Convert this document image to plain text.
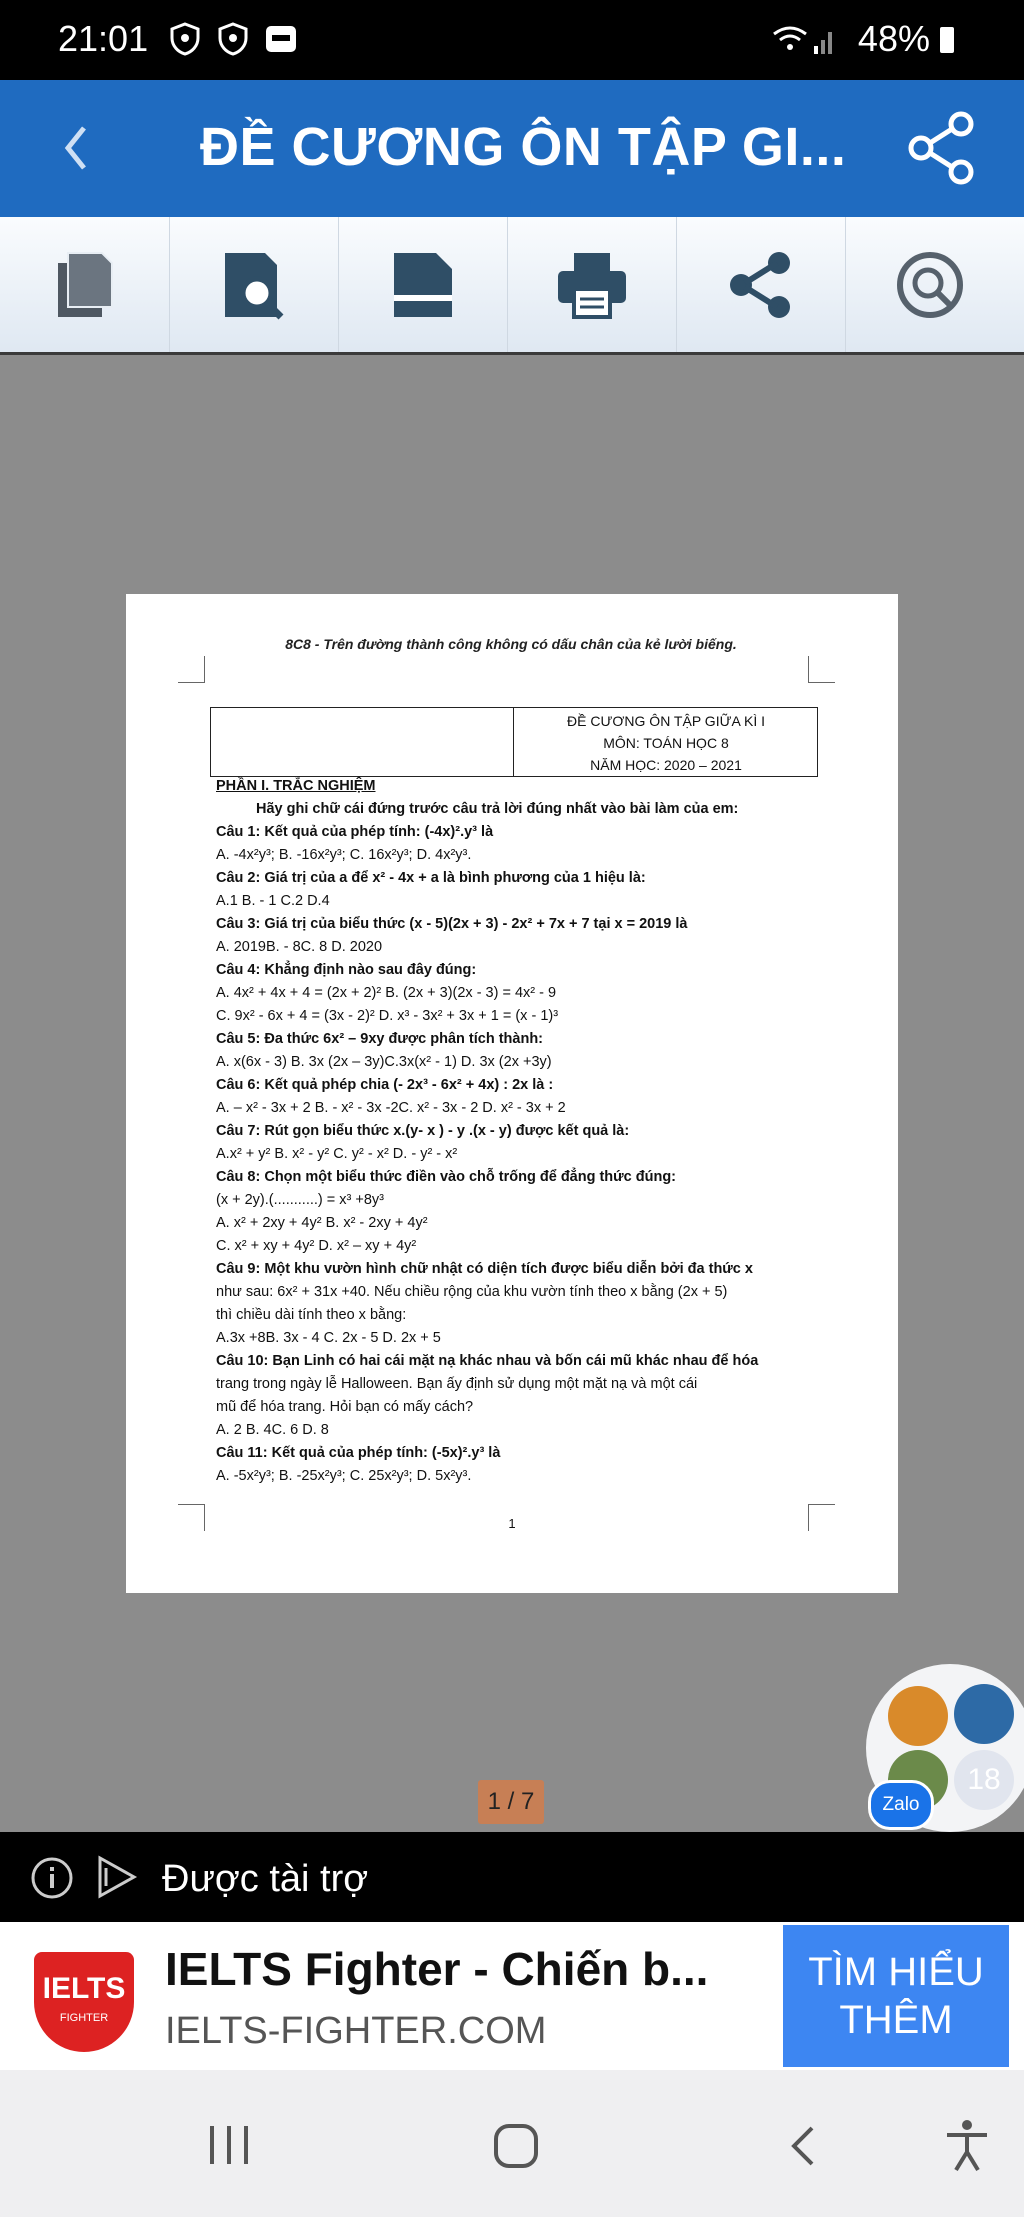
21:01	48%
ĐỀ CƯƠNG ÔN TẬP GI...
8C8 - Trên đường thành công không có dấu chân của kẻ lười biếng.
ĐỀ CƯƠNG ÔN TẬP GIỮA KÌ I
MÔN: TOÁN HỌC 8
NĂM HỌC: 2020 – 2021
PHẦN I. TRẮC NGHIỆM
Hãy ghi chữ cái đứng trước câu trả lời đúng nhất vào bài làm của em:
Câu 1: Kết quả của phép tính: (-4x)².y³ là
A. -4x²y³; B. -16x²y³; C. 16x²y³; D. 4x²y³.
Câu 2: Giá trị của a để x² - 4x + a là bình phương của 1 hiệu là:
A.1 B. - 1 C.2 D.4
Câu 3: Giá trị của biểu thức (x - 5)(2x + 3) - 2x² + 7x + 7 tại x = 2019 là
A. 2019B. - 8C. 8 D. 2020
Câu 4: Khẳng định nào sau đây đúng:
A. 4x² + 4x + 4 = (2x + 2)² B. (2x + 3)(2x - 3) = 4x² - 9
C. 9x² - 6x + 4 = (3x - 2)² D. x³ - 3x² + 3x + 1 = (x - 1)³
Câu 5: Đa thức 6x² – 9xy được phân tích thành:
A. x(6x - 3) B. 3x (2x – 3y)C.3x(x² - 1) D. 3x (2x +3y)
Câu 6: Kết quả phép chia (- 2x³ - 6x² + 4x) : 2x là :
A. – x² - 3x + 2 B. - x² - 3x -2C. x² - 3x - 2 D. x² - 3x + 2
Câu 7: Rút gọn biểu thức x.(y- x ) - y .(x - y) được kết quả là:
A.x² + y² B. x² - y² C. y² - x² D. - y² - x²
Câu 8: Chọn một biểu thức điền vào chỗ trống để đẳng thức đúng:
(x + 2y).(...........) = x³ +8y³
A. x² + 2xy + 4y² B. x² - 2xy + 4y²
C. x² + xy + 4y² D. x² – xy + 4y²
Câu 9: Một khu vườn hình chữ nhật có diện tích được biểu diễn bởi đa thức x
như sau: 6x² + 31x +40. Nếu chiều rộng của khu vườn tính theo x bằng (2x + 5)
thì chiều dài tính theo x bằng:
A.3x +8B. 3x - 4 C. 2x - 5 D. 2x + 5
Câu 10: Bạn Linh có hai cái mặt nạ khác nhau và bốn cái mũ khác nhau để hóa
trang trong ngày lễ Halloween. Bạn ấy định sử dụng một mặt nạ và một cái
mũ để hóa trang. Hỏi bạn có mấy cách?
A. 2 B. 4C. 6 D. 8
Câu 11: Kết quả của phép tính: (-5x)².y³ là
A. -5x²y³; B. -25x²y³; C. 25x²y³; D. 5x²y³.
1
1 / 7
18
Zalo
Được tài trợ
IELTS
FIGHTER
IELTS Fighter - Chiến b...
IELTS-FIGHTER.COM
TÌM HIỂU THÊM
